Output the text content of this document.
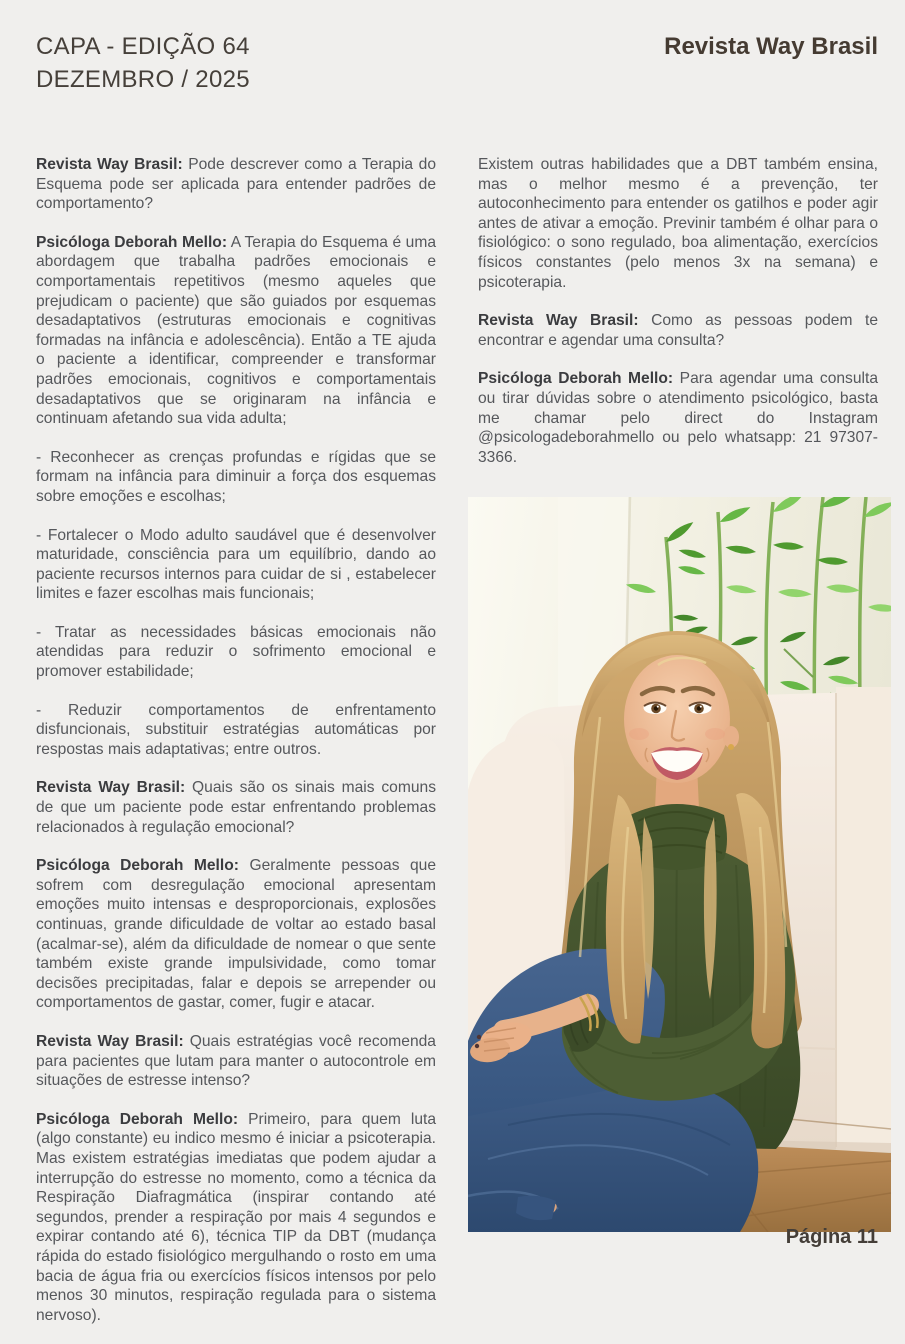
CAPA - EDIÇÃO 64
DEZEMBRO / 2025
Revista Way Brasil

Revista Way Brasil: Pode descrever como a Terapia do Esquema pode ser aplicada para entender padrões de comportamento?

Psicóloga Deborah Mello: A Terapia do Esquema é uma abordagem que trabalha padrões emocionais e comportamentais repetitivos (mesmo aqueles que prejudicam o paciente) que são guiados por esquemas desadaptativos (estruturas emocionais e cognitivas formadas na infância e adolescência). Então a TE ajuda o paciente a identificar, compreender e transformar padrões emocionais, cognitivos e comportamentais desadaptativos que se originaram na infância e continuam afetando sua vida adulta;

- Reconhecer as crenças profundas e rígidas que se formam na infância para diminuir a força dos esquemas sobre emoções e escolhas;

- Fortalecer o Modo adulto saudável que é desenvolver maturidade, consciência para um equilíbrio, dando ao paciente recursos internos para cuidar de si , estabelecer limites e fazer escolhas mais funcionais;

- Tratar as necessidades básicas emocionais não atendidas para reduzir o sofrimento emocional e promover estabilidade;

- Reduzir comportamentos de enfrentamento disfuncionais, substituir estratégias automáticas por respostas mais adaptativas; entre outros.

Revista Way Brasil: Quais são os sinais mais comuns de que um paciente pode estar enfrentando problemas relacionados à regulação emocional?

Psicóloga Deborah Mello: Geralmente pessoas que sofrem com desregulação emocional apresentam emoções muito intensas e desproporcionais, explosões continuas, grande dificuldade de voltar ao estado basal (acalmar-se), além da dificuldade de nomear o que sente também existe grande impulsividade, como tomar decisões precipitadas, falar e depois se arrepender ou comportamentos de gastar, comer, fugir e atacar.

Revista Way Brasil: Quais estratégias você recomenda para pacientes que lutam para manter o autocontrole em situações de estresse intenso?

Psicóloga Deborah Mello: Primeiro, para quem luta (algo constante) eu indico mesmo é iniciar a psicoterapia. Mas existem estratégias imediatas que podem ajudar a interrupção do estresse no momento, como a técnica da Respiração Diafragmática (inspirar contando até segundos, prender a respiração por mais 4 segundos e expirar contando até 6), técnica TIP da DBT (mudança rápida do estado fisiológico mergulhando o rosto em uma bacia de água fria ou exercícios físicos intensos por pelo menos 30 minutos, respiração regulada para o sistema nervoso).

Existem outras habilidades que a DBT também ensina, mas o melhor mesmo é a prevenção, ter autoconhecimento para entender os gatilhos e poder agir antes de ativar a emoção. Previnir também é olhar para o fisiológico: o sono regulado, boa alimentação, exercícios físicos constantes (pelo menos 3x na semana) e psicoterapia.

Revista Way Brasil: Como as pessoas podem te encontrar e agendar uma consulta?

Psicóloga Deborah Mello: Para agendar uma consulta ou tirar dúvidas sobre o atendimento psicológico, basta me chamar pelo direct do Instagram @psicologadeborahmello ou pelo whatsapp: 21 97307-3366.

Página 11
